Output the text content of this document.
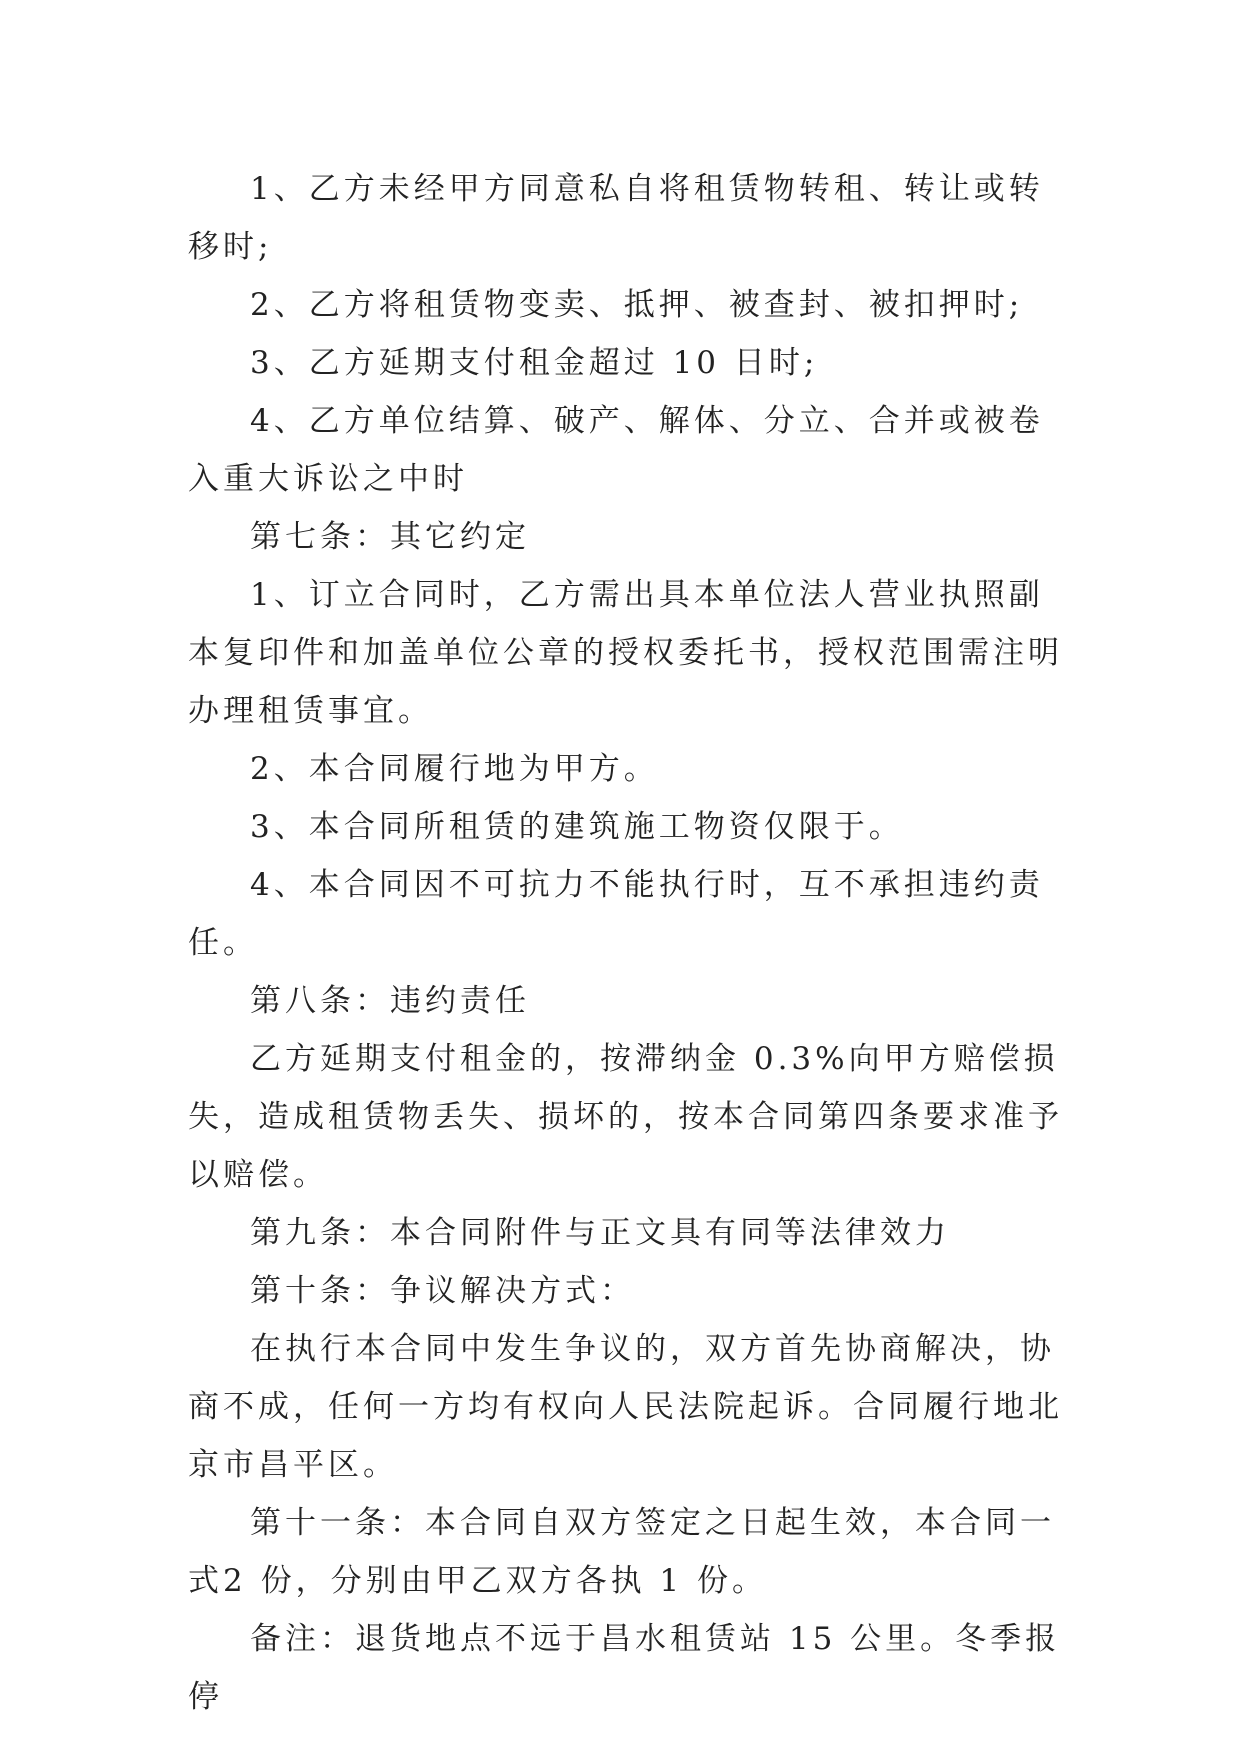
1、乙方未经甲方同意私自将租赁物转租、转让或转移时;

2、乙方将租赁物变卖、抵押、被查封、被扣押时;

3、乙方延期支付租金超过 10 日时;

4、乙方单位结算、破产、解体、分立、合并或被卷入重大诉讼之中时

第七条：其它约定

1、订立合同时，乙方需出具本单位法人营业执照副本复印件和加盖单位公章的授权委托书，授权范围需注明办理租赁事宜。

2、本合同履行地为甲方。

3、本合同所租赁的建筑施工物资仅限于。

4、本合同因不可抗力不能执行时，互不承担违约责任。

第八条：违约责任

乙方延期支付租金的，按滞纳金 0.3%向甲方赔偿损失，造成租赁物丢失、损坏的，按本合同第四条要求准予以赔偿。

第九条：本合同附件与正文具有同等法律效力

第十条：争议解决方式：

在执行本合同中发生争议的，双方首先协商解决，协商不成，任何一方均有权向人民法院起诉。合同履行地北京市昌平区。

第十一条：本合同自双方签定之日起生效，本合同一式2 份，分别由甲乙双方各执 1 份。

备注：退货地点不远于昌水租赁站 15 公里。冬季报停
